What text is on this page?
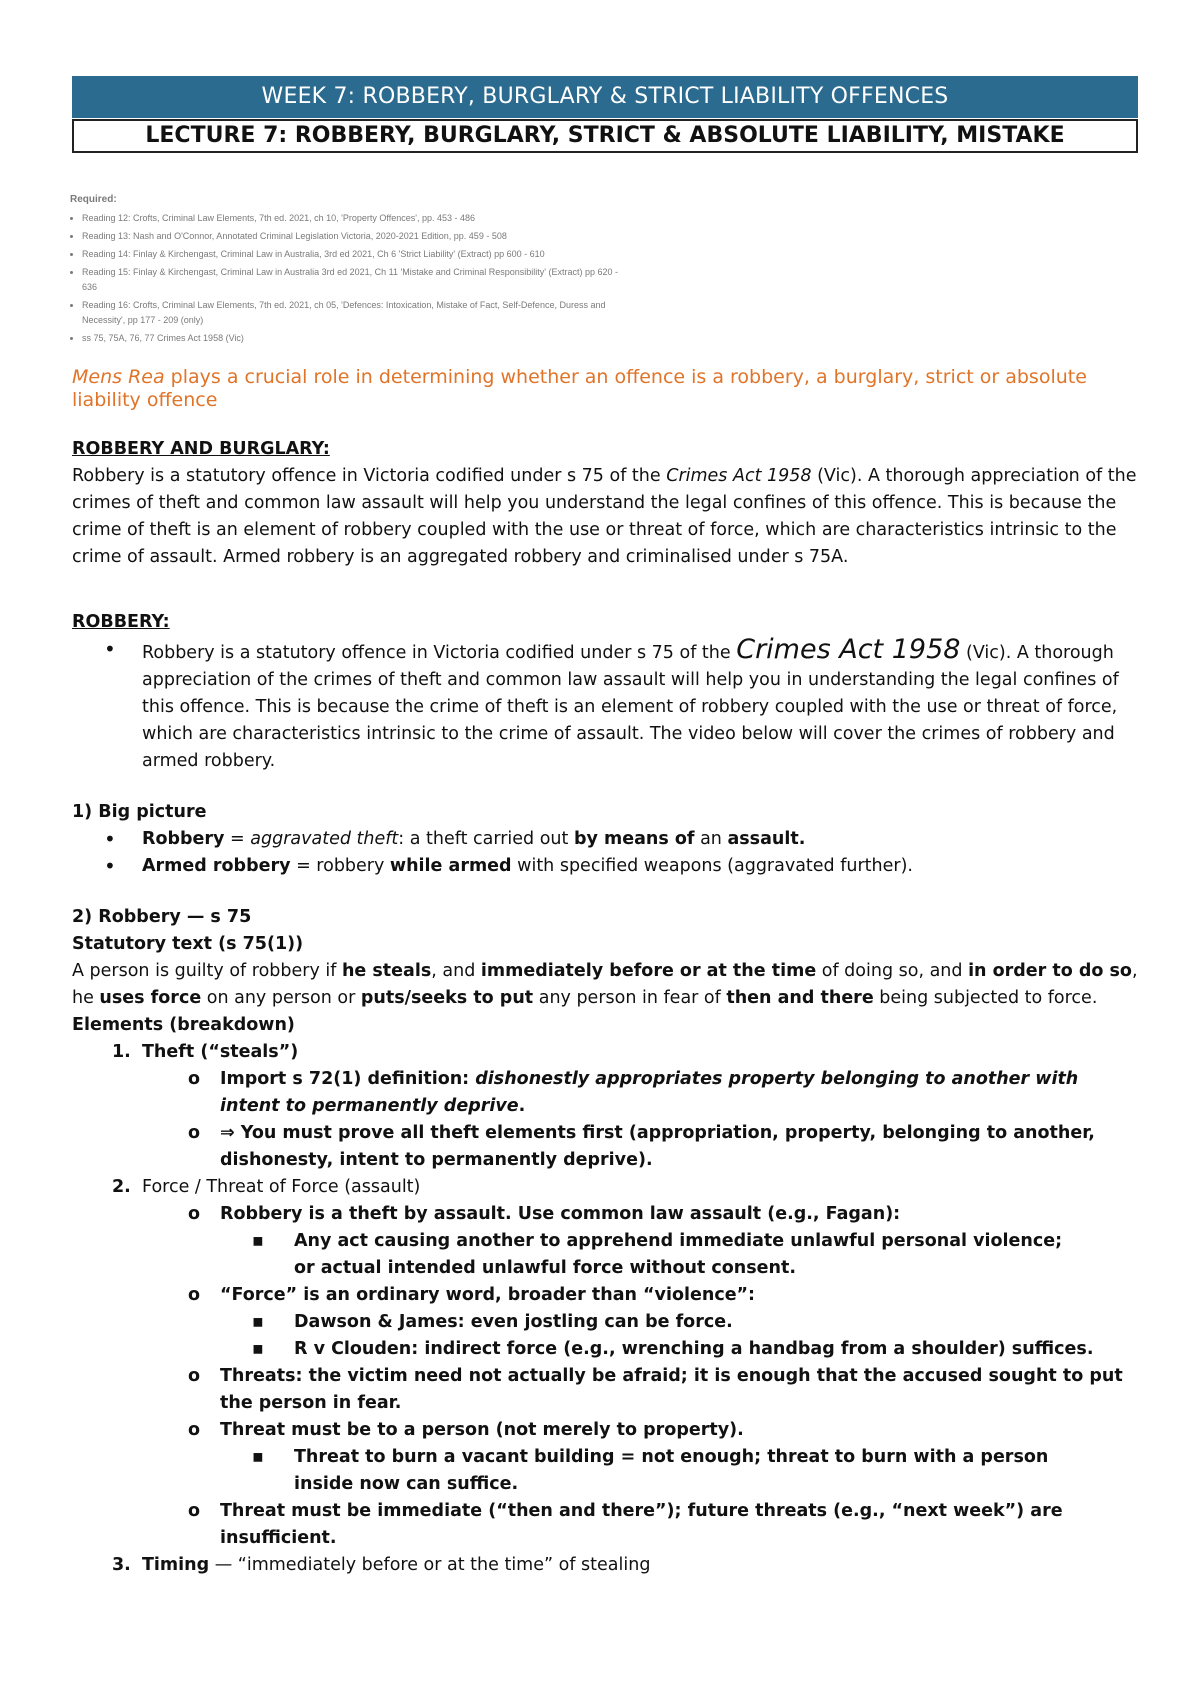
WEEK 7: ROBBERY, BURGLARY & STRICT LIABILITY OFFENCES
LECTURE 7: ROBBERY, BURGLARY, STRICT & ABSOLUTE LIABILITY, MISTAKE
Required:
• Reading 12: Crofts, Criminal Law Elements, 7th ed. 2021, ch 10, 'Property Offences', pp. 453 - 486
• Reading 13: Nash and O'Connor, Annotated Criminal Legislation Victoria, 2020-2021 Edition, pp. 459 - 508
• Reading 14: Finlay & Kirchengast, Criminal Law in Australia, 3rd ed 2021, Ch 6 'Strict Liability' (Extract) pp 600 - 610
• Reading 15: Finlay & Kirchengast, Criminal Law in Australia 3rd ed 2021, Ch 11 'Mistake and Criminal Responsibility' (Extract) pp 620 - 636
• Reading 16: Crofts, Criminal Law Elements, 7th ed. 2021, ch 05, 'Defences: Intoxication, Mistake of Fact, Self-Defence, Duress and Necessity', pp 177 - 209 (only)
• ss 75, 75A, 76, 77 Crimes Act 1958 (Vic)

Mens Rea plays a crucial role in determining whether an offence is a robbery, a burglary, strict or absolute liability offence

ROBBERY AND BURGLARY:

Robbery is a statutory offence in Victoria codified under s 75 of the Crimes Act 1958 (Vic). A thorough appreciation of the crimes of theft and common law assault will help you understand the legal confines of this offence. This is because the crime of theft is an element of robbery coupled with the use or threat of force, which are characteristics intrinsic to the crime of assault. Armed robbery is an aggregated robbery and criminalised under s 75A.

ROBBERY:

•	Robbery is a statutory offence in Victoria codified under s 75 of the Crimes Act 1958 (Vic). A thorough appreciation of the crimes of theft and common law assault will help you in understanding the legal confines of this offence. This is because the crime of theft is an element of robbery coupled with the use or threat of force, which are characteristics intrinsic to the crime of assault. The video below will cover the crimes of robbery and armed robbery.

1) Big picture

•	Robbery = aggravated theft: a theft carried out by means of an assault.
•	Armed robbery = robbery while armed with specified weapons (aggravated further).

2) Robbery — s 75

Statutory text (s 75(1))

A person is guilty of robbery if he steals, and immediately before or at the time of doing so, and in order to do so, he uses force on any person or puts/seeks to put any person in fear of then and there being subjected to force.

Elements (breakdown)

1. Theft (“steals”)
o	Import s 72(1) definition: dishonestly appropriates property belonging to another with intent to permanently deprive.
o	⇒ You must prove all theft elements first (appropriation, property, belonging to another, dishonesty, intent to permanently deprive).
2. Force / Threat of Force (assault)
o	Robbery is a theft by assault. Use common law assault (e.g., Fagan):
▪	Any act causing another to apprehend immediate unlawful personal violence;
or actual intended unlawful force without consent.
o	“Force” is an ordinary word, broader than “violence”:
▪	Dawson & James: even jostling can be force.
▪	R v Clouden: indirect force (e.g., wrenching a handbag from a shoulder) suffices.
o	Threats: the victim need not actually be afraid; it is enough that the accused sought to put the person in fear.
o	Threat must be to a person (not merely to property).
▪	Threat to burn a vacant building = not enough; threat to burn with a person
inside now can suffice.
o	Threat must be immediate (“then and there”); future threats (e.g., “next week”) are insufficient.
3. Timing — “immediately before or at the time” of stealing
